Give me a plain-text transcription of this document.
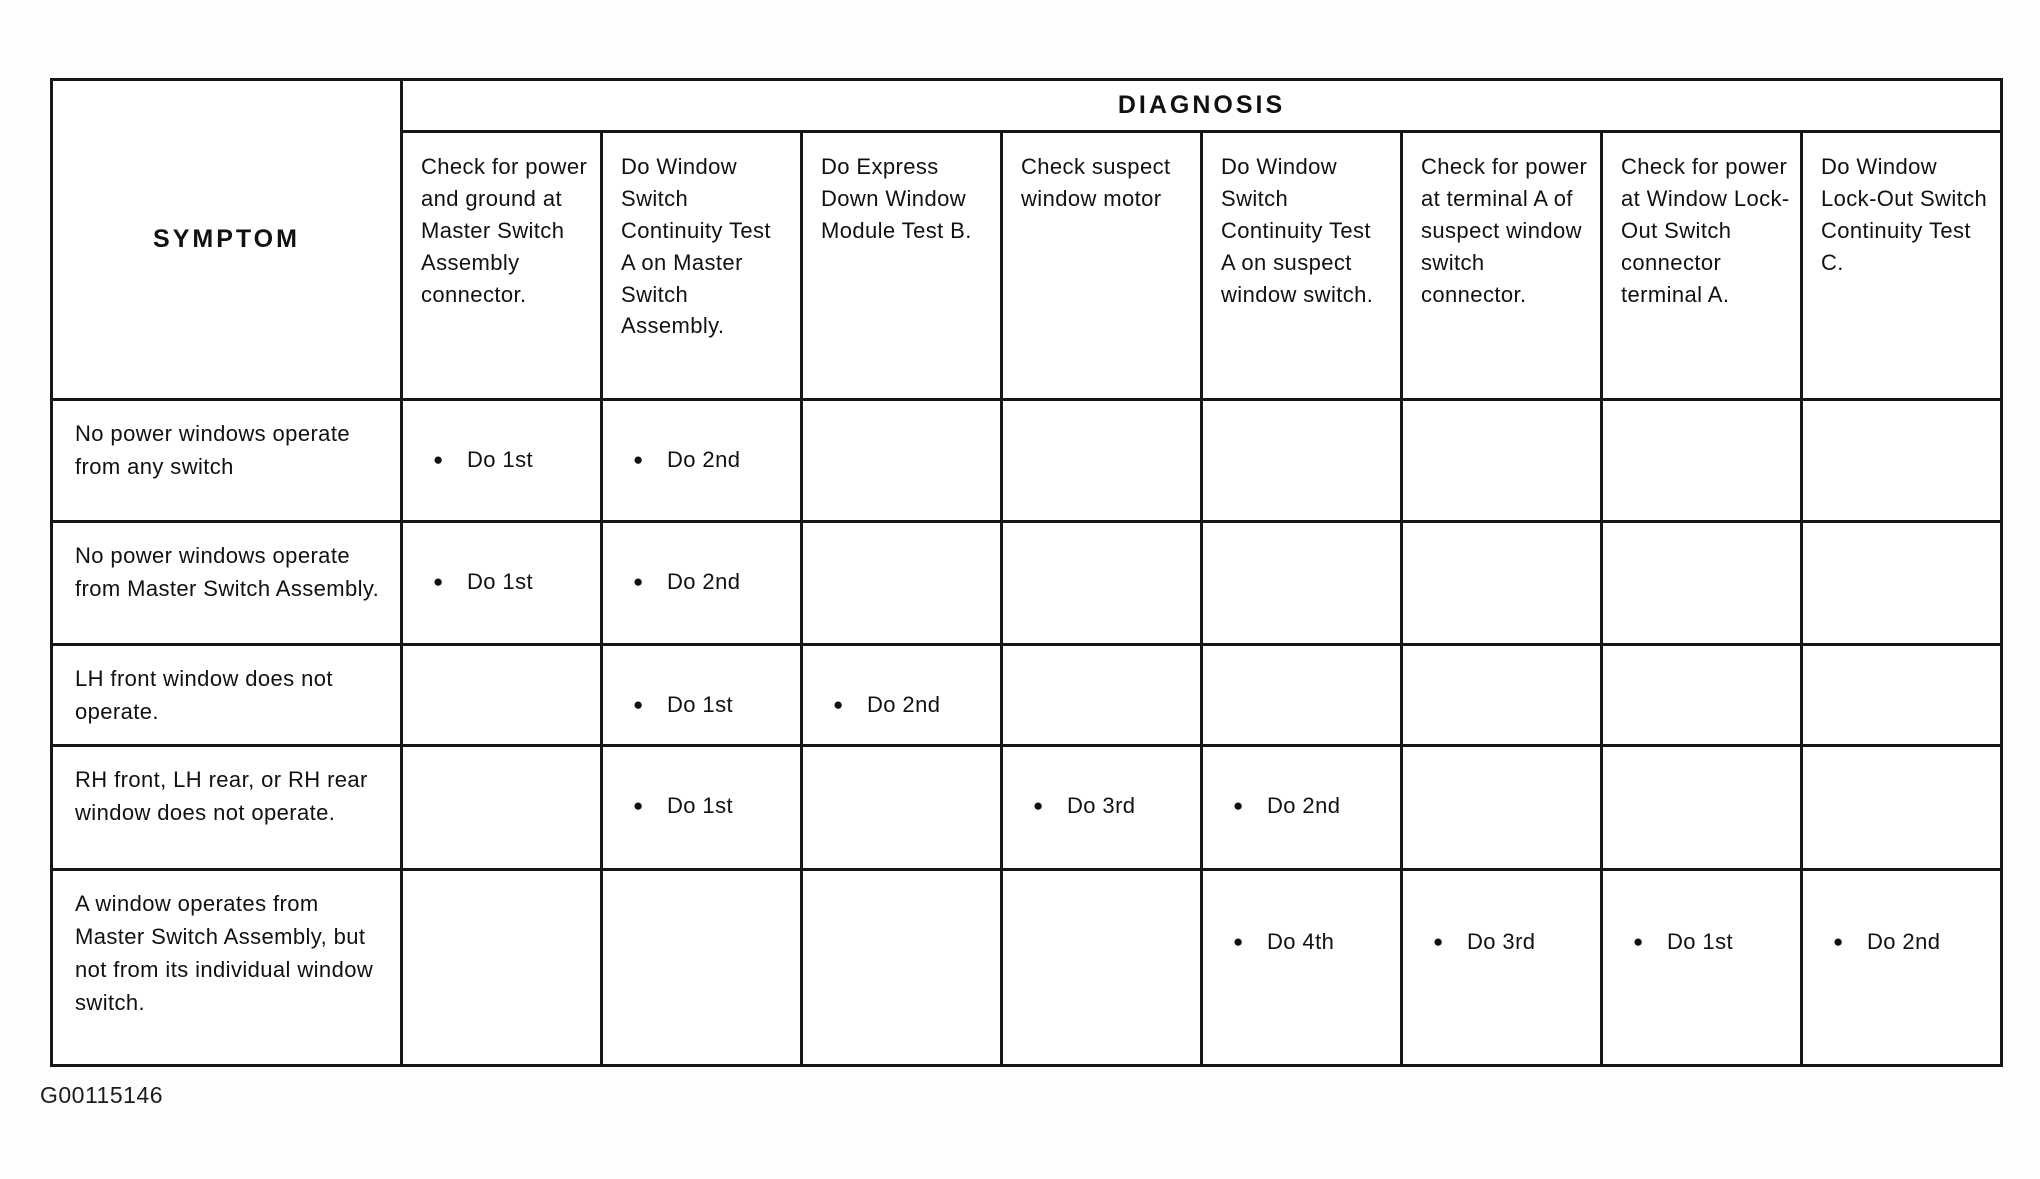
SYMPTOM	DIAGNOSIS							
	Check for power and ground at Master Switch Assembly connector.	Do Window Switch Continuity Test A on Master Switch Assembly.	Do Express Down Window Module Test B.	Check suspect window motor	Do Window Switch Continuity Test A on suspect window switch.	Check for power at terminal A of suspect window switch connector.	Check for power at Window Lock-Out Switch connector terminal A.	Do Window Lock-Out Switch Continuity Test C.
No power windows operate from any switch	● Do 1st	● Do 2nd						
No power windows operate from Master Switch Assembly.	● Do 1st	● Do 2nd						
LH front window does not operate.		● Do 1st	● Do 2nd					
RH front, LH rear, or RH rear window does not operate.		● Do 1st		● Do 3rd	● Do 2nd			
A window operates from Master Switch Assembly, but not from its individual window switch.					● Do 4th	● Do 3rd	● Do 1st	● Do 2nd
G00115146
